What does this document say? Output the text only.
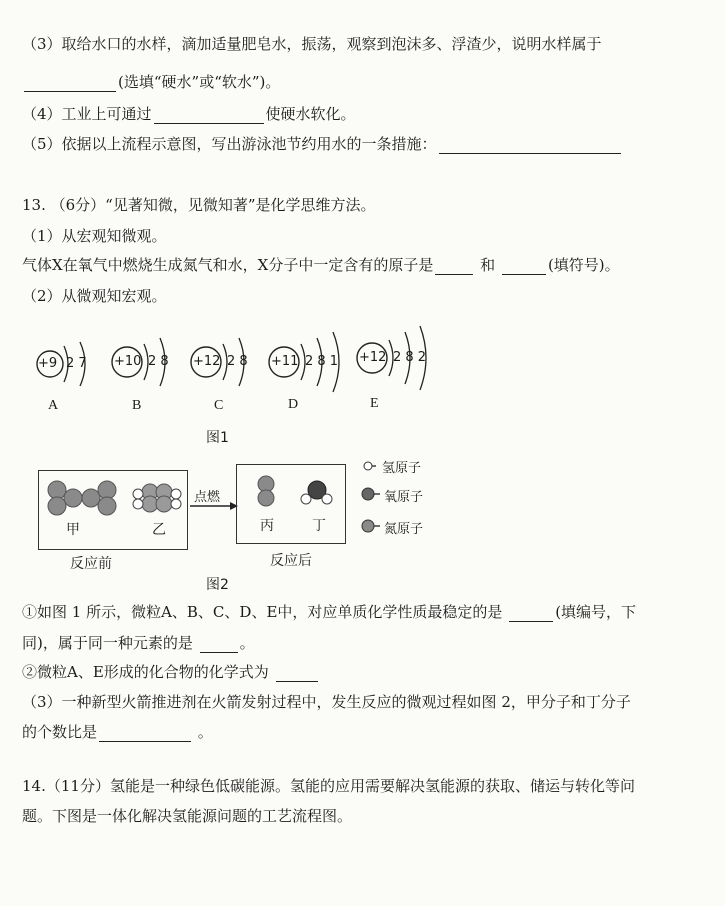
（3）取给水口的水样，滴加适量肥皂水，振荡，观察到泡沫多、浮渣少，说明水样属于
(选填“硬水”或“软水”)。
（4）工业上可通过	使硬水软化。
（5）依据以上流程示意图，写出游泳池节约用水的一条措施：
13. （6分）“见著知微，见微知著”是化学思维方法。
（1）从宏观知微观。
气体X在氧气中燃烧生成氮气和水，X分子中一定含有的原子是	和	(填符号)。
（2）从微观知宏观。
+9 2 7
A
+10 2 8
B
+12 2 8
C
+11 2 8 1
D
+12 2 8 2
E
图1
甲	乙	丙	丁
点燃
反应前	反应后
图2
氢原子
氧原子
氮原子
①如图 1 所示，微粒A、B、C、D、E中，对应单质化学性质最稳定的是	(填编号，下
同)，属于同一种元素的是	。
②微粒A、E形成的化合物的化学式为
（3）一种新型火箭推进剂在火箭发射过程中，发生反应的微观过程如图 2，甲分子和丁分子
的个数比是	。
14.（11分）氢能是一种绿色低碳能源。氢能的应用需要解决氢能源的获取、储运与转化等问
题。下图是一体化解决氢能源问题的工艺流程图。
